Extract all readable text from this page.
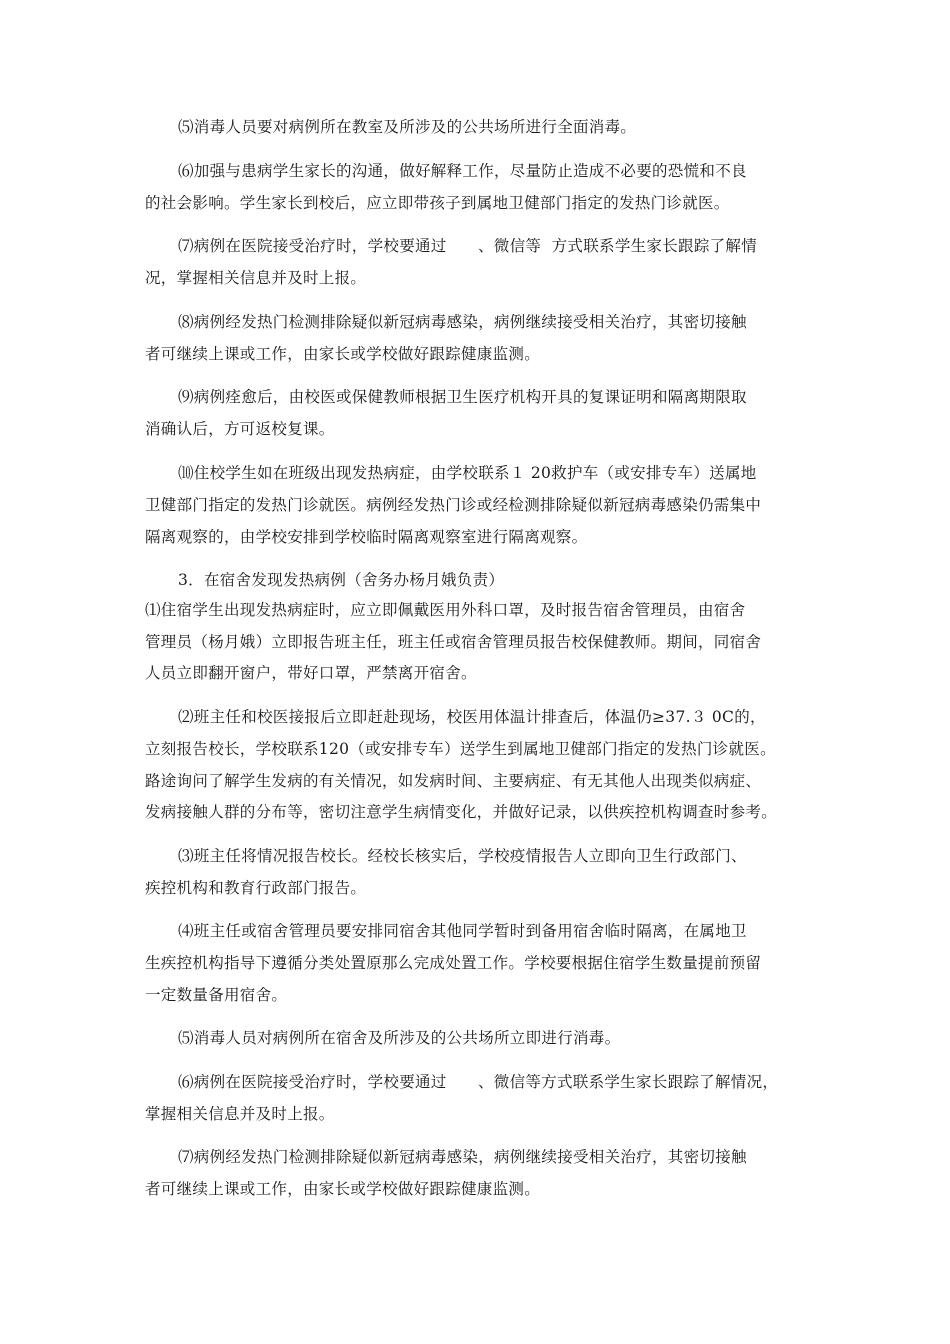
⑸消毒人员要对病例所在教室及所涉及的公共场所进行全面消毒。

⑹加强与患病学生家长的沟通，做好解释工作，尽量防止造成不必要的恐慌和不良

的社会影响。学生家长到校后，应立即带孩子到属地卫健部门指定的发热门诊就医。

⑺病例在医院接受治疗时，学校要通过      、微信等  方式联系学生家长跟踪了解情

况，掌握相关信息并及时上报。

⑻病例经发热门检测排除疑似新冠病毒感染，病例继续接受相关治疗，其密切接触

者可继续上课或工作，由家长或学校做好跟踪健康监测。

⑼病例痊愈后，由校医或保健教师根据卫生医疗机构开具的复课证明和隔离期限取

消确认后，方可返校复课。

⑽住校学生如在班级出现发热病症，由学校联系１ 20救护车（或安排专车）送属地

卫健部门指定的发热门诊就医。病例经发热门诊或经检测排除疑似新冠病毒感染仍需集中

隔离观察的，由学校安排到学校临时隔离观察室进行隔离观察。

3．在宿舍发现发热病例（舍务办杨月娥负责）

⑴住宿学生出现发热病症时，应立即佩戴医用外科口罩，及时报告宿舍管理员，由宿舍

管理员（杨月娥）立即报告班主任，班主任或宿舍管理员报告校保健教师。期间，同宿舍

人员立即翻开窗户，带好口罩，严禁离开宿舍。

⑵班主任和校医接报后立即赶赴现场，校医用体温计排查后，体温仍≥37.３ 0C的，

立刻报告校长，学校联系120（或安排专车）送学生到属地卫健部门指定的发热门诊就医。

路途询问了解学生发病的有关情况，如发病时间、主要病症、有无其他人出现类似病症、

发病接触人群的分布等，密切注意学生病情变化，并做好记录，以供疾控机构调查时参考。

⑶班主任将情况报告校长。经校长核实后，学校疫情报告人立即向卫生行政部门、

疾控机构和教育行政部门报告。

⑷班主任或宿舍管理员要安排同宿舍其他同学暂时到备用宿舍临时隔离，在属地卫

生疾控机构指导下遵循分类处置原那么完成处置工作。学校要根据住宿学生数量提前预留

一定数量备用宿舍。

⑸消毒人员对病例所在宿舍及所涉及的公共场所立即进行消毒。

⑹病例在医院接受治疗时，学校要通过      、微信等方式联系学生家长跟踪了解情况，

掌握相关信息并及时上报。

⑺病例经发热门检测排除疑似新冠病毒感染，病例继续接受相关治疗，其密切接触

者可继续上课或工作，由家长或学校做好跟踪健康监测。
